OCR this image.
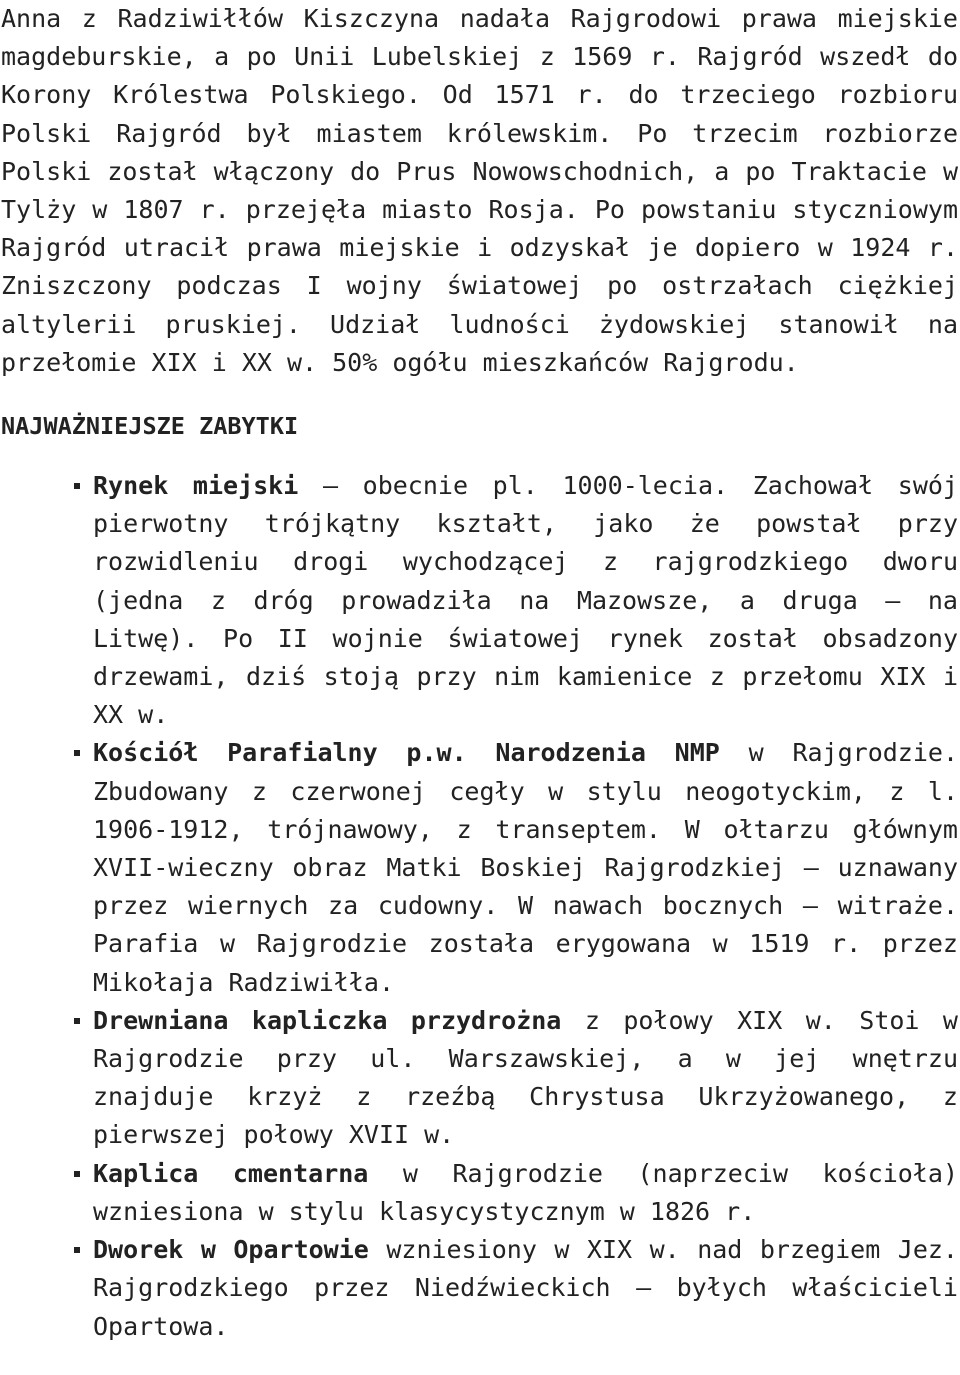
Anna z Radziwiłłów Kiszczyna nadała Rajgrodowi prawa miejskie magdeburskie, a po Unii Lubelskiej z 1569 r. Rajgród wszedł do Korony Królestwa Polskiego. Od 1571 r. do trzeciego rozbioru Polski Rajgród był miastem królewskim. Po trzecim rozbiorze Polski został włączony do Prus Nowowschodnich, a po Traktacie w Tylży w 1807 r. przejęła miasto Rosja. Po powstaniu styczniowym Rajgród utracił prawa miejskie i odzyskał je dopiero w 1924 r. Zniszczony podczas I wojny światowej po ostrzałach ciężkiej altylerii pruskiej. Udział ludności żydowskiej stanowił na przełomie XIX i XX w. 50% ogółu mieszkańców Rajgrodu.

NAJWAŻNIEJSZE ZABYTKI
Rynek miejski – obecnie pl. 1000-lecia. Zachował swój pierwotny trójkątny kształt, jako że powstał przy rozwidleniu drogi wychodzącej z rajgrodzkiego dworu (jedna z dróg prowadziła na Mazowsze, a druga – na Litwę). Po II wojnie światowej rynek został obsadzony drzewami, dziś stoją przy nim kamienice z przełomu XIX i XX w.
Kościół Parafialny p.w. Narodzenia NMP w Rajgrodzie. Zbudowany z czerwonej cegły w stylu neogotyckim, z l. 1906-1912, trójnawowy, z transeptem. W ołtarzu głównym XVII-wieczny obraz Matki Boskiej Rajgrodzkiej – uznawany przez wiernych za cudowny. W nawach bocznych – witraże. Parafia w Rajgrodzie została erygowana w 1519 r. przez Mikołaja Radziwiłła.
Drewniana kapliczka przydrożna z połowy XIX w. Stoi w Rajgrodzie przy ul. Warszawskiej, a w jej wnętrzu znajduje krzyż z rzeźbą Chrystusa Ukrzyżowanego, z pierwszej połowy XVII w.
Kaplica cmentarna w Rajgrodzie (naprzeciw kościoła) wzniesiona w stylu klasycystycznym w 1826 r.
Dworek w Opartowie wzniesiony w XIX w. nad brzegiem Jez. Rajgrodzkiego przez Niedźwieckich – byłych właścicieli Opartowa.
